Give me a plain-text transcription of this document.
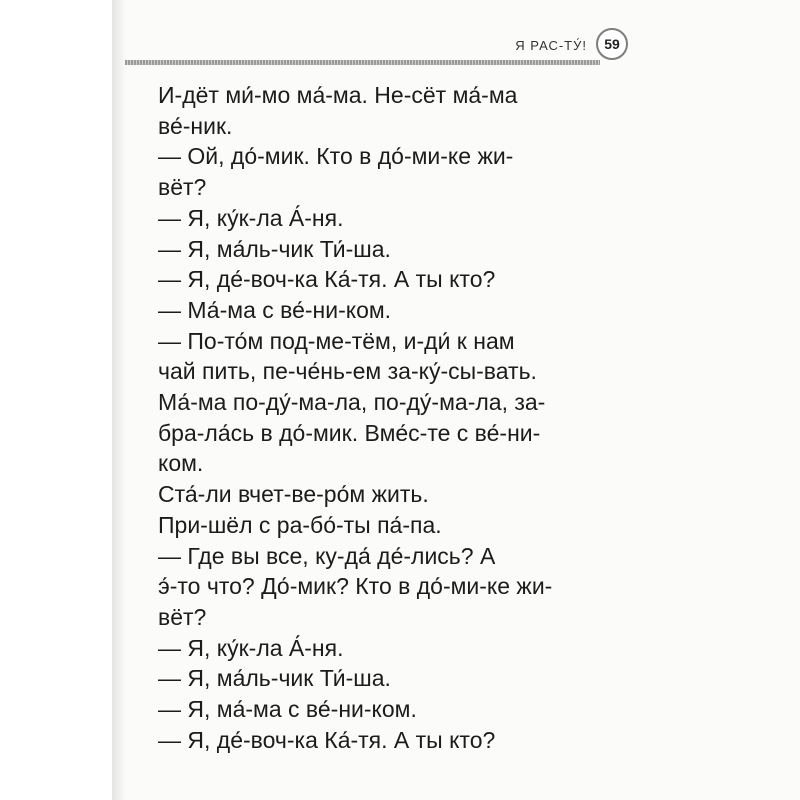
Я РАС-ТУ́!	59
И-дёт ми́-мо ма́-ма. Не-сёт ма́-ма
ве́-ник.
— Ой, до́-мик. Кто в до́-ми-ке жи-
вёт?
— Я, ку́к-ла А́-ня.
— Я, ма́ль-чик Ти́-ша.
— Я, де́-воч-ка Ка́-тя. А ты кто?
— Ма́-ма с ве́-ни-ком.
— По-то́м под-ме-тём, и-ди́ к нам
чай пить, пе-че́нь-ем за-ку́-сы-вать.
Ма́-ма по-ду́-ма-ла, по-ду́-ма-ла, за-
бра-ла́сь в до́-мик. Вме́с-те с ве́-ни-
ком.
Ста́-ли вчет-ве-ро́м жить.
При-шёл с ра-бо́-ты па́-па.
— Где вы все, ку-да́ де́-лись? А
э́-то что? До́-мик? Кто в до́-ми-ке жи-
вёт?
— Я, ку́к-ла А́-ня.
— Я, ма́ль-чик Ти́-ша.
— Я, ма́-ма с ве́-ни-ком.
— Я, де́-воч-ка Ка́-тя. А ты кто?
